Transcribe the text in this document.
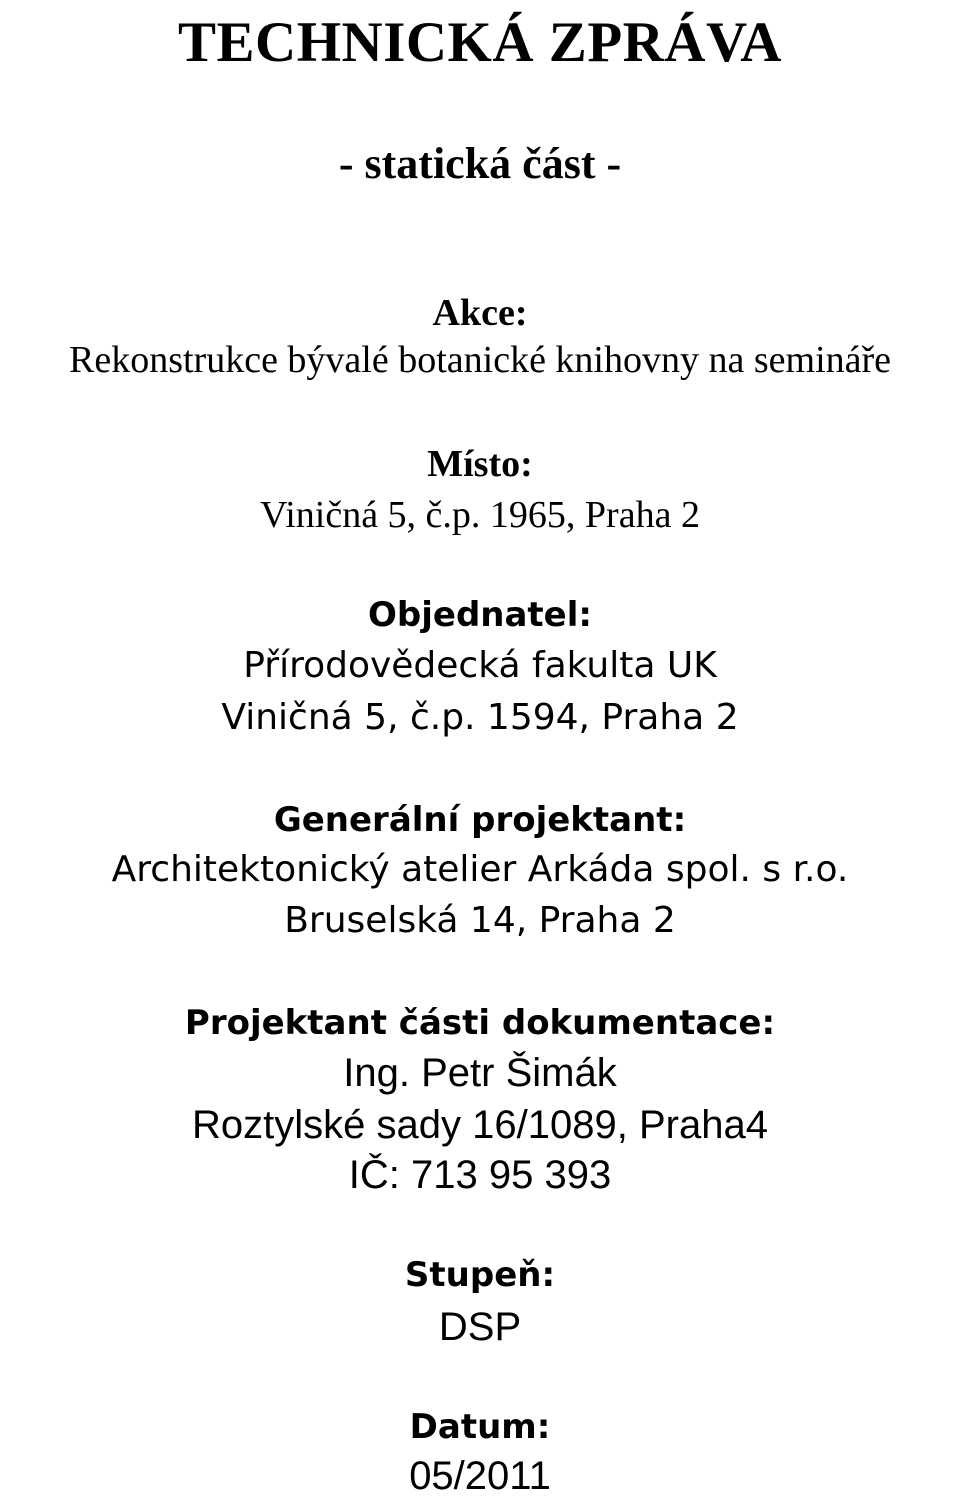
TECHNICKÁ ZPRÁVA
- statická část -
Akce:
Rekonstrukce bývalé botanické knihovny na semináře
Místo:
Viničná 5, č.p. 1965, Praha 2
Objednatel:
Přírodovědecká fakulta UK
Viničná 5, č.p. 1594, Praha 2
Generální projektant:
Architektonický atelier Arkáda spol. s r.o.
Bruselská 14, Praha 2
Projektant části dokumentace:
Ing. Petr Šimák
Roztylské sady 16/1089, Praha4
IČ: 713 95 393
Stupeň:
DSP
Datum:
05/2011
